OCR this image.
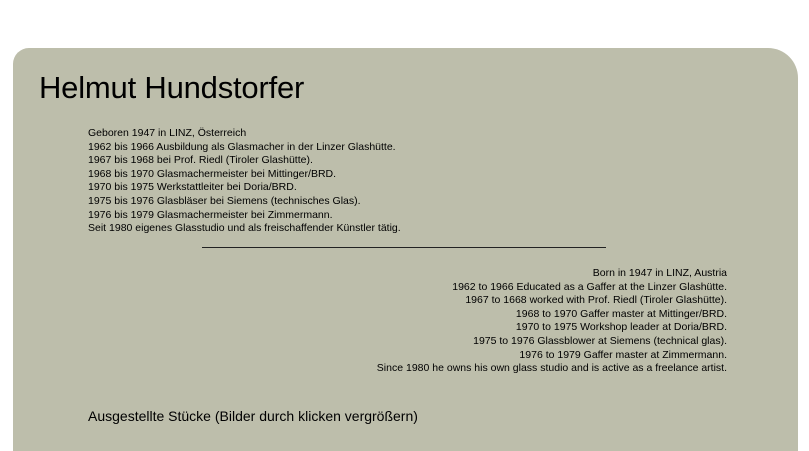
Helmut Hundstorfer
Geboren 1947 in LINZ, Österreich
1962 bis 1966 Ausbildung als Glasmacher in der Linzer Glashütte.
1967 bis 1968 bei Prof. Riedl (Tiroler Glashütte).
1968 bis 1970 Glasmachermeister bei Mittinger/BRD.
1970 bis 1975 Werkstattleiter bei Doria/BRD.
1975 bis 1976 Glasbläser bei Siemens (technisches Glas).
1976 bis 1979 Glasmachermeister bei Zimmermann.
Seit 1980 eigenes Glasstudio und als freischaffender Künstler tätig.
Born in 1947 in LINZ, Austria
1962 to 1966 Educated as a Gaffer at the Linzer Glashütte.
1967 to 1668 worked with Prof. Riedl (Tiroler Glashütte).
1968 to 1970 Gaffer master at Mittinger/BRD.
1970 to 1975 Workshop leader at Doria/BRD.
1975 to 1976 Glassblower at Siemens (technical glas).
1976 to 1979 Gaffer master at Zimmermann.
Since 1980 he owns his own glass studio and is active as a freelance artist.
Ausgestellte Stücke (Bilder durch klicken vergrößern)
